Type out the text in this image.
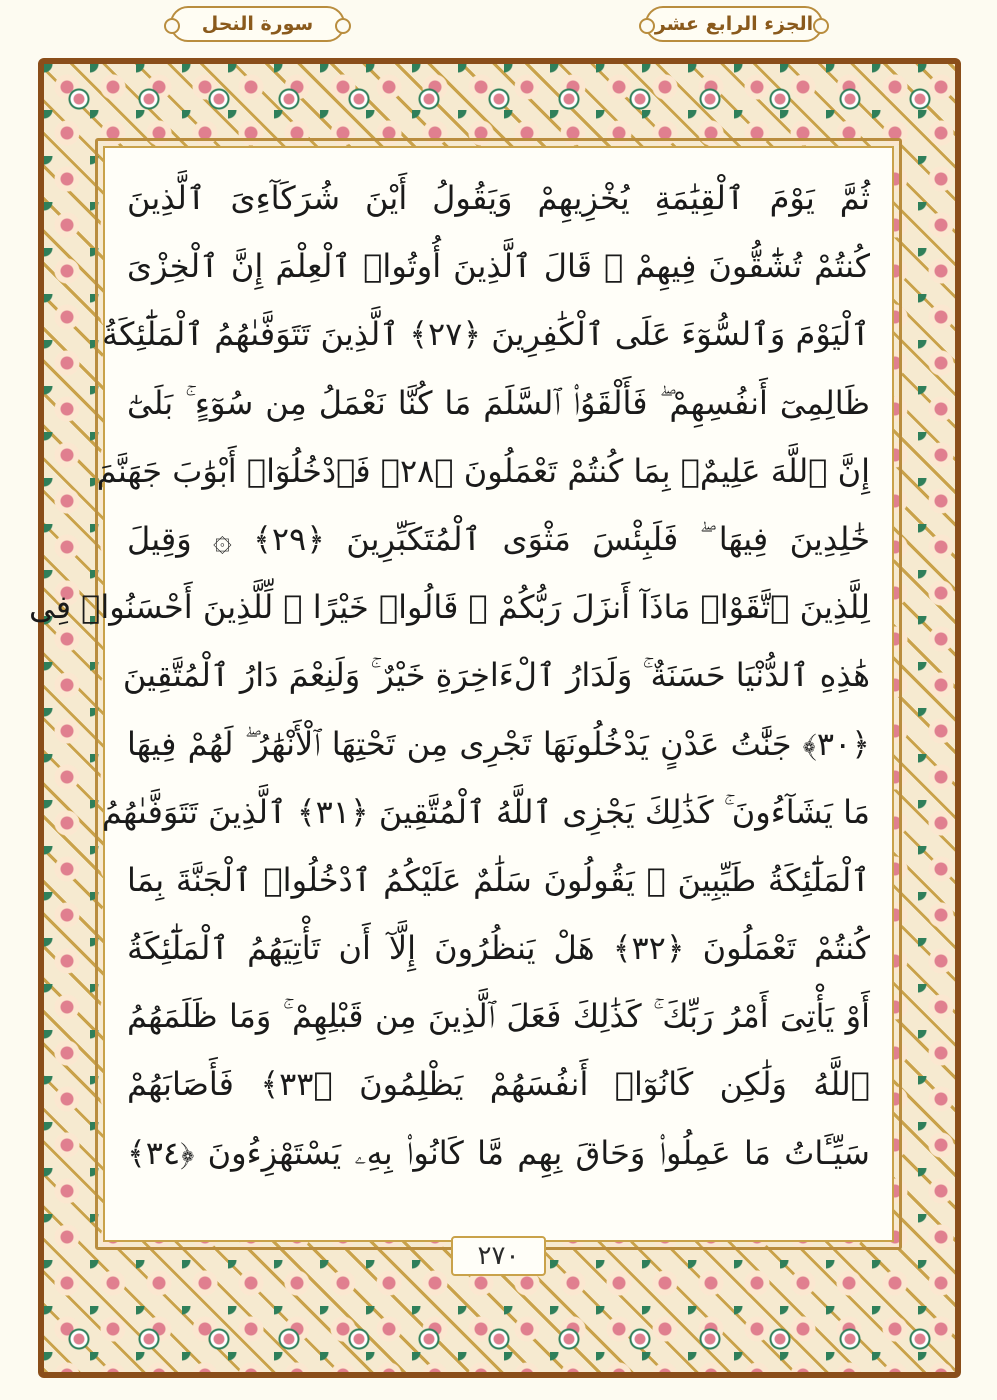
سورة النحل	الجزء الرابع عشر
ثُمَّ يَوْمَ ٱلْقِيَٰمَةِ يُخْزِيهِمْ وَيَقُولُ أَيْنَ شُرَكَآءِىَ ٱلَّذِينَ
كُنتُمْ تُشَٰٓقُّونَ فِيهِمْ ۚ قَالَ ٱلَّذِينَ أُوتُوا۟ ٱلْعِلْمَ إِنَّ ٱلْخِزْىَ
ٱلْيَوْمَ وَٱلسُّوٓءَ عَلَى ٱلْكَٰفِرِينَ ﴿٢٧﴾ ٱلَّذِينَ تَتَوَفَّىٰهُمُ ٱلْمَلَٰٓئِكَةُ
ظَالِمِىٓ أَنفُسِهِمْ ۖ فَأَلْقَوُا۟ ٱلسَّلَمَ مَا كُنَّا نَعْمَلُ مِن سُوٓءٍ ۚ بَلَىٰٓ
إِنَّ ٱللَّهَ عَلِيمٌۢ بِمَا كُنتُمْ تَعْمَلُونَ ﴿٢٨﴾ فَٱدْخُلُوٓا۟ أَبْوَٰبَ جَهَنَّمَ
خَٰلِدِينَ فِيهَا ۖ فَلَبِئْسَ مَثْوَى ٱلْمُتَكَبِّرِينَ ﴿٢٩﴾ ۞ وَقِيلَ
لِلَّذِينَ ٱتَّقَوْا۟ مَاذَآ أَنزَلَ رَبُّكُمْ ۚ قَالُوا۟ خَيْرًا ۗ لِّلَّذِينَ أَحْسَنُوا۟ فِى
هَٰذِهِ ٱلدُّنْيَا حَسَنَةٌ ۚ وَلَدَارُ ٱلْءَاخِرَةِ خَيْرٌ ۚ وَلَنِعْمَ دَارُ ٱلْمُتَّقِينَ
﴿٣٠﴾ جَنَّٰتُ عَدْنٍ يَدْخُلُونَهَا تَجْرِى مِن تَحْتِهَا ٱلْأَنْهَٰرُ ۖ لَهُمْ فِيهَا
مَا يَشَآءُونَ ۚ كَذَٰلِكَ يَجْزِى ٱللَّهُ ٱلْمُتَّقِينَ ﴿٣١﴾ ٱلَّذِينَ تَتَوَفَّىٰهُمُ
ٱلْمَلَٰٓئِكَةُ طَيِّبِينَ ۙ يَقُولُونَ سَلَٰمٌ عَلَيْكُمُ ٱدْخُلُوا۟ ٱلْجَنَّةَ بِمَا
كُنتُمْ تَعْمَلُونَ ﴿٣٢﴾ هَلْ يَنظُرُونَ إِلَّآ أَن تَأْتِيَهُمُ ٱلْمَلَٰٓئِكَةُ
أَوْ يَأْتِىَ أَمْرُ رَبِّكَ ۚ كَذَٰلِكَ فَعَلَ ٱلَّذِينَ مِن قَبْلِهِمْ ۚ وَمَا ظَلَمَهُمُ
ٱللَّهُ وَلَٰكِن كَانُوٓا۟ أَنفُسَهُمْ يَظْلِمُونَ ﴿٣٣﴾ فَأَصَابَهُمْ
سَيِّـَٔاتُ مَا عَمِلُوا۟ وَحَاقَ بِهِم مَّا كَانُوا۟ بِهِۦ يَسْتَهْزِءُونَ ﴿٣٤﴾
٢٧٠
